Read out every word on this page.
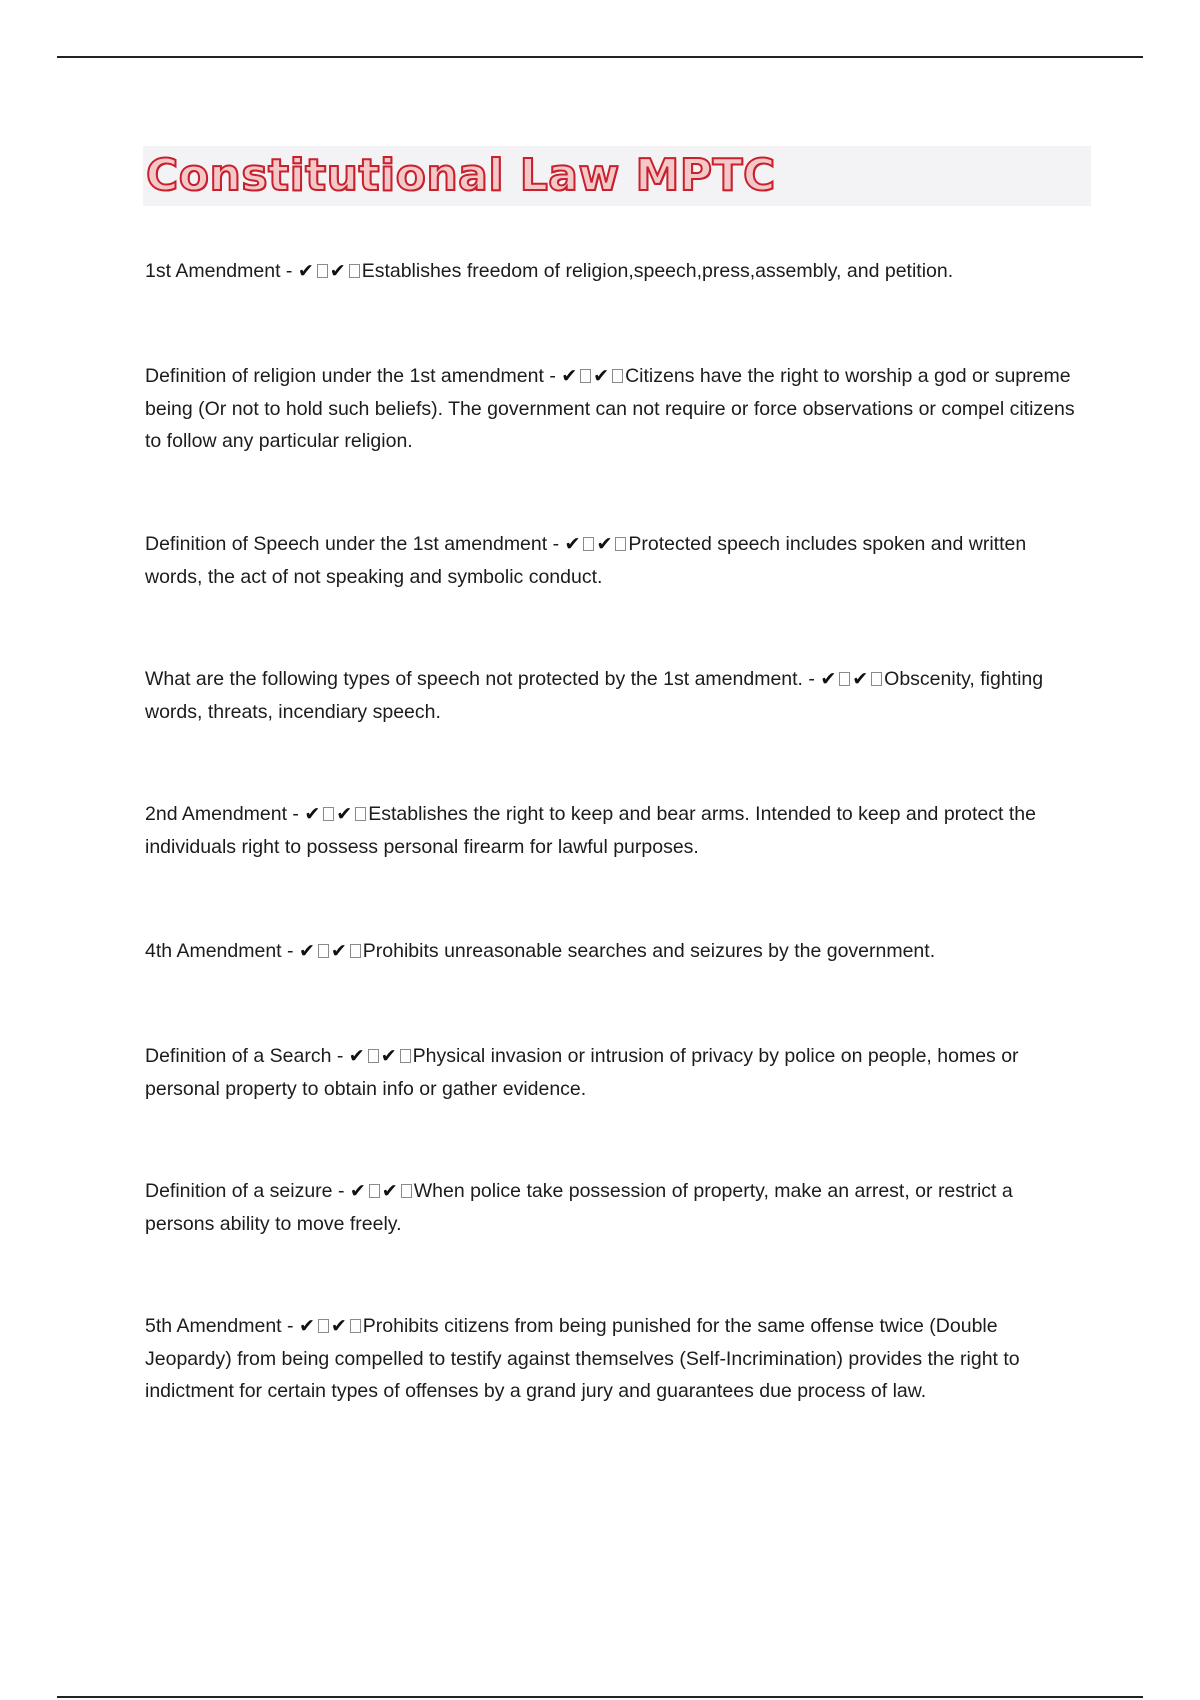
Constitutional Law MPTC

1st Amendment - ✔ ✔ Establishes freedom of religion,speech,press,assembly, and petition.

Definition of religion under the 1st amendment - ✔ ✔ Citizens have the right to worship a god or supreme being (Or not to hold such beliefs). The government can not require or force observations or compel citizens to follow any particular religion.

Definition of Speech under the 1st amendment - ✔ ✔ Protected speech includes spoken and written words, the act of not speaking and symbolic conduct.

What are the following types of speech not protected by the 1st amendment. - ✔ ✔ Obscenity, fighting words, threats, incendiary speech.

2nd Amendment - ✔ ✔ Establishes the right to keep and bear arms. Intended to keep and protect the individuals right to possess personal firearm for lawful purposes.

4th Amendment - ✔ ✔ Prohibits unreasonable searches and seizures by the government.

Definition of a Search - ✔ ✔ Physical invasion or intrusion of privacy by police on people, homes or personal property to obtain info or gather evidence.

Definition of a seizure - ✔ ✔ When police take possession of property, make an arrest, or restrict a persons ability to move freely.

5th Amendment - ✔ ✔ Prohibits citizens from being punished for the same offense twice (Double Jeopardy) from being compelled to testify against themselves (Self-Incrimination) provides the right to indictment for certain types of offenses by a grand jury and guarantees due process of law.
